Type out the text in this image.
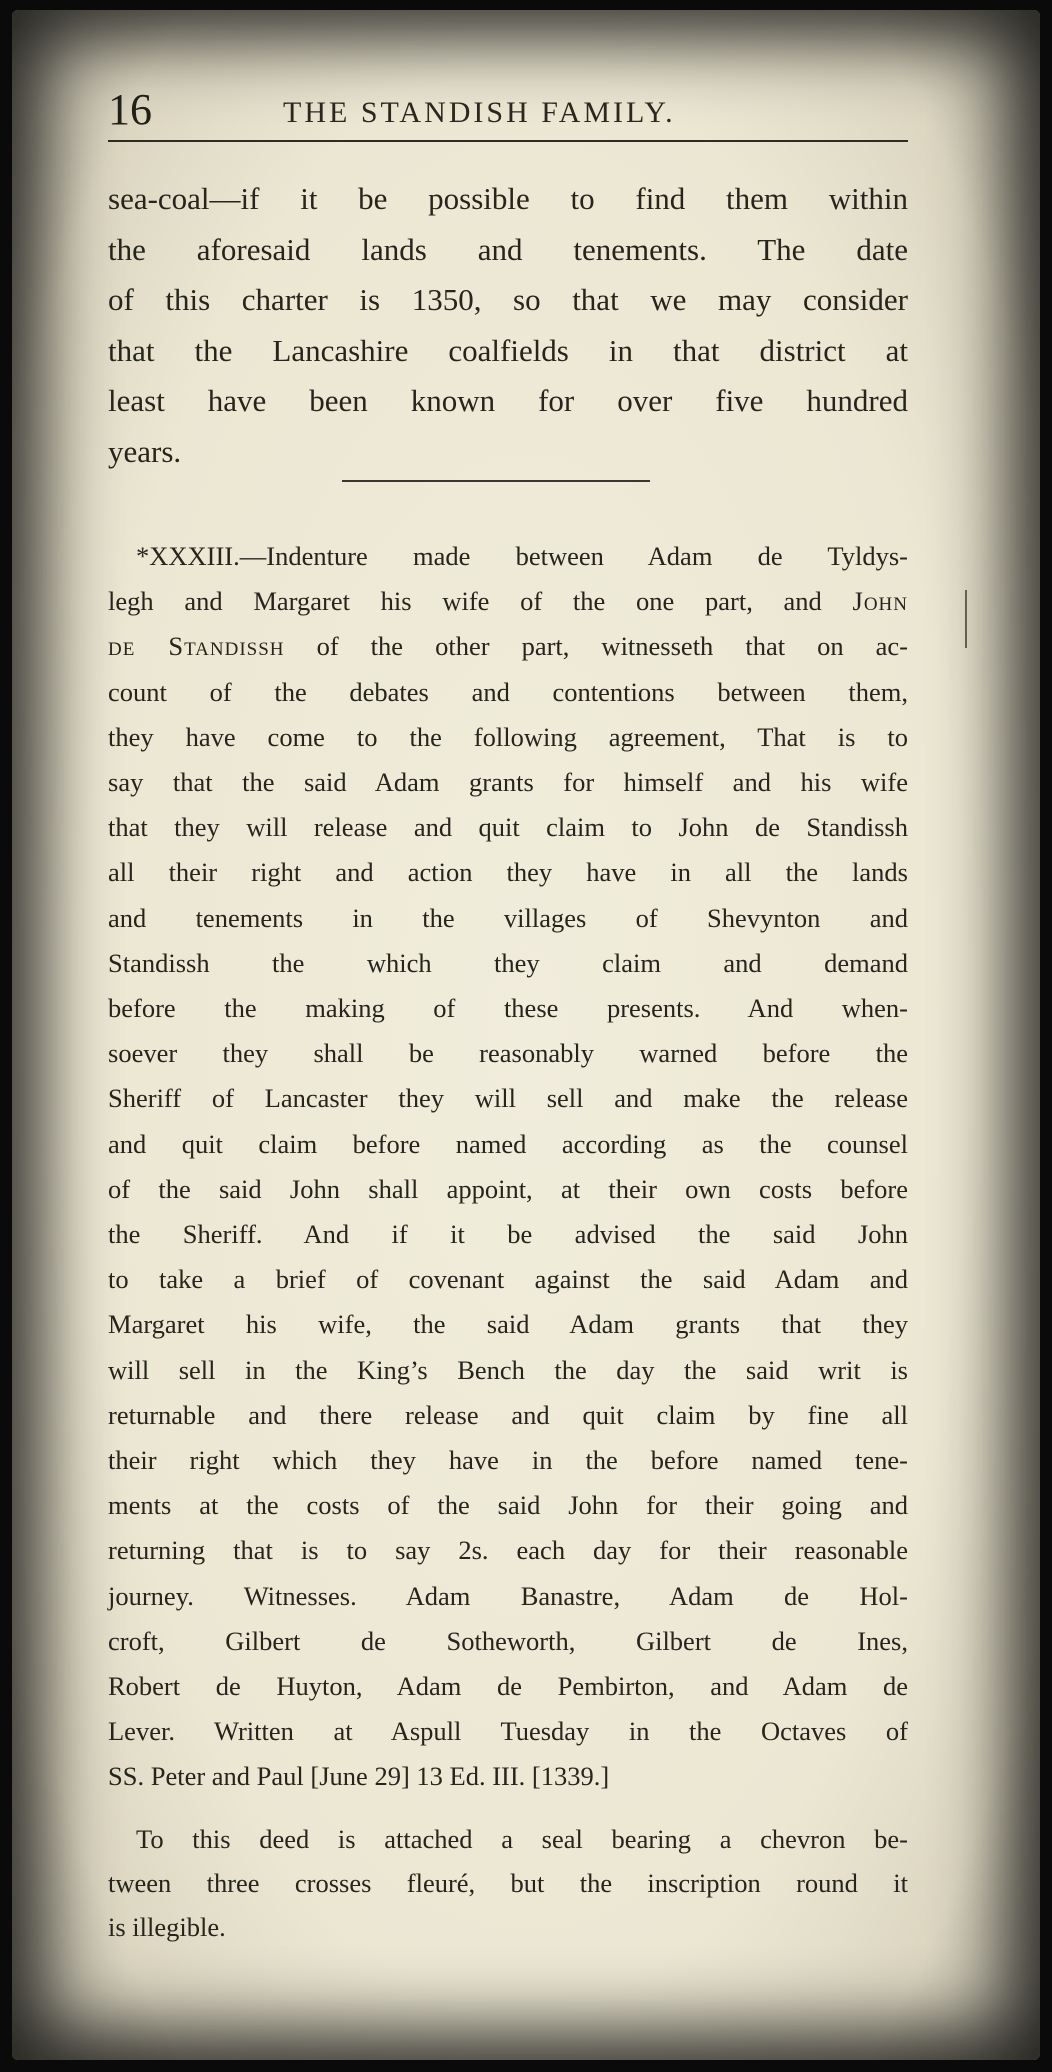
16	THE STANDISH FAMILY.
sea-coal—if it be possible to find them within
the aforesaid lands and tenements. The date
of this charter is 1350, so that we may consider
that the Lancashire coalfields in that district at
least have been known for over five hundred
years.
*XXXIII.—Indenture made between Adam de Tyldys-
legh and Margaret his wife of the one part, and John
de Standissh of the other part, witnesseth that on ac-
count of the debates and contentions between them,
they have come to the following agreement, That is to
say that the said Adam grants for himself and his wife
that they will release and quit claim to John de Standissh
all their right and action they have in all the lands
and tenements in the villages of Shevynton and
Standissh the which they claim and demand
before the making of these presents. And when-
soever they shall be reasonably warned before the
Sheriff of Lancaster they will sell and make the release
and quit claim before named according as the counsel
of the said John shall appoint, at their own costs before
the Sheriff. And if it be advised the said John
to take a brief of covenant against the said Adam and
Margaret his wife, the said Adam grants that they
will sell in the King’s Bench the day the said writ is
returnable and there release and quit claim by fine all
their right which they have in the before named tene-
ments at the costs of the said John for their going and
returning that is to say 2s. each day for their reasonable
journey. Witnesses. Adam Banastre, Adam de Hol-
croft, Gilbert de Sotheworth, Gilbert de Ines,
Robert de Huyton, Adam de Pembirton, and Adam de
Lever. Written at Aspull Tuesday in the Octaves of
SS. Peter and Paul [June 29] 13 Ed. III. [1339.]
To this deed is attached a seal bearing a chevron be-
tween three crosses fleuré, but the inscription round it
is illegible.
